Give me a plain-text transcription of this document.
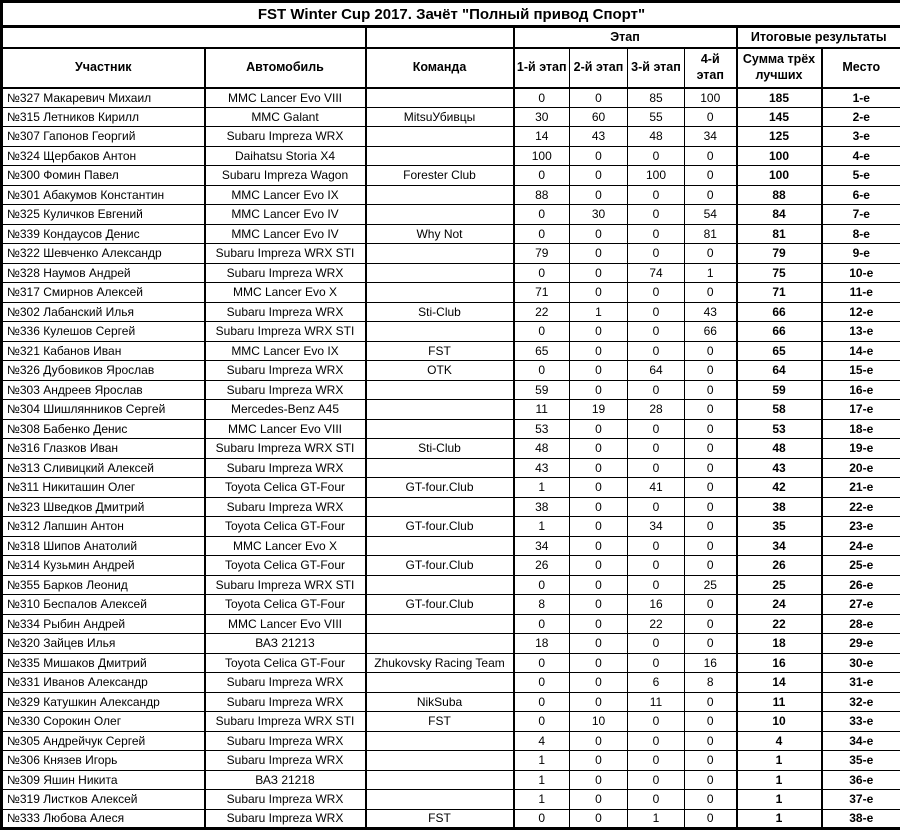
FST Winter Cup 2017. Зачёт "Полный привод Спорт"								
			Этап				Итоговые результаты	
Участник	Автомобиль	Команда	1-й этап	2-й этап	3-й этап	4-й этап	Сумма трёх лучших	Место
№327 Макаревич Михаил	MMC Lancer Evo VIII		0	0	85	100	185	1-е
№315 Летников Кирилл	MMC Galant	MitsuУбивцы	30	60	55	0	145	2-е
№307 Гапонов Георгий	Subaru Impreza WRX		14	43	48	34	125	3-е
№324 Щербаков Антон	Daihatsu Storia X4		100	0	0	0	100	4-е
№300 Фомин Павел	Subaru Impreza Wagon	Forester Club	0	0	100	0	100	5-е
№301 Абакумов Константин	MMC Lancer Evo IX		88	0	0	0	88	6-е
№325 Куличков Евгений	MMC Lancer Evo IV		0	30	0	54	84	7-е
№339 Кондаусов Денис	MMC Lancer Evo IV	Why Not	0	0	0	81	81	8-е
№322 Шевченко Александр	Subaru Impreza WRX STI		79	0	0	0	79	9-е
№328 Наумов Андрей	Subaru Impreza WRX		0	0	74	1	75	10-е
№317 Смирнов Алексей	MMC Lancer Evo X		71	0	0	0	71	11-е
№302 Лабанский Илья	Subaru Impreza WRX	Sti-Club	22	1	0	43	66	12-е
№336 Кулешов Сергей	Subaru Impreza WRX STI		0	0	0	66	66	13-е
№321 Кабанов Иван	MMC Lancer Evo IX	FST	65	0	0	0	65	14-е
№326 Дубовиков Ярослав	Subaru Impreza WRX	OTK	0	0	64	0	64	15-е
№303 Андреев Ярослав	Subaru Impreza WRX		59	0	0	0	59	16-е
№304 Шишлянников Сергей	Mercedes-Benz A45		11	19	28	0	58	17-е
№308 Бабенко Денис	MMC Lancer Evo VIII		53	0	0	0	53	18-е
№316 Глазков Иван	Subaru Impreza WRX STI	Sti-Club	48	0	0	0	48	19-е
№313 Сливицкий Алексей	Subaru Impreza WRX		43	0	0	0	43	20-е
№311 Никиташин Олег	Toyota Celica GT-Four	GT-four.Club	1	0	41	0	42	21-е
№323 Шведков Дмитрий	Subaru Impreza WRX		38	0	0	0	38	22-е
№312 Лапшин Антон	Toyota Celica GT-Four	GT-four.Club	1	0	34	0	35	23-е
№318 Шипов Анатолий	MMC Lancer Evo X		34	0	0	0	34	24-е
№314 Кузьмин Андрей	Toyota Celica GT-Four	GT-four.Club	26	0	0	0	26	25-е
№355 Барков Леонид	Subaru Impreza WRX STI		0	0	0	25	25	26-е
№310 Беспалов Алексей	Toyota Celica GT-Four	GT-four.Club	8	0	16	0	24	27-е
№334 Рыбин Андрей	MMC Lancer Evo VIII		0	0	22	0	22	28-е
№320 Зайцев Илья	ВАЗ 21213		18	0	0	0	18	29-е
№335 Мишаков Дмитрий	Toyota Celica GT-Four	Zhukovsky Racing Team	0	0	0	16	16	30-е
№331 Иванов Александр	Subaru Impreza WRX		0	0	6	8	14	31-е
№329 Катушкин Александр	Subaru Impreza WRX	NikSuba	0	0	11	0	11	32-е
№330 Сорокин Олег	Subaru Impreza WRX STI	FST	0	10	0	0	10	33-е
№305 Андрейчук Сергей	Subaru Impreza WRX		4	0	0	0	4	34-е
№306 Князев Игорь	Subaru Impreza WRX		1	0	0	0	1	35-е
№309 Яшин Никита	ВАЗ 21218		1	0	0	0	1	36-е
№319 Листков Алексей	Subaru Impreza WRX		1	0	0	0	1	37-е
№333 Любова Алеся	Subaru Impreza WRX	FST	0	0	1	0	1	38-е
